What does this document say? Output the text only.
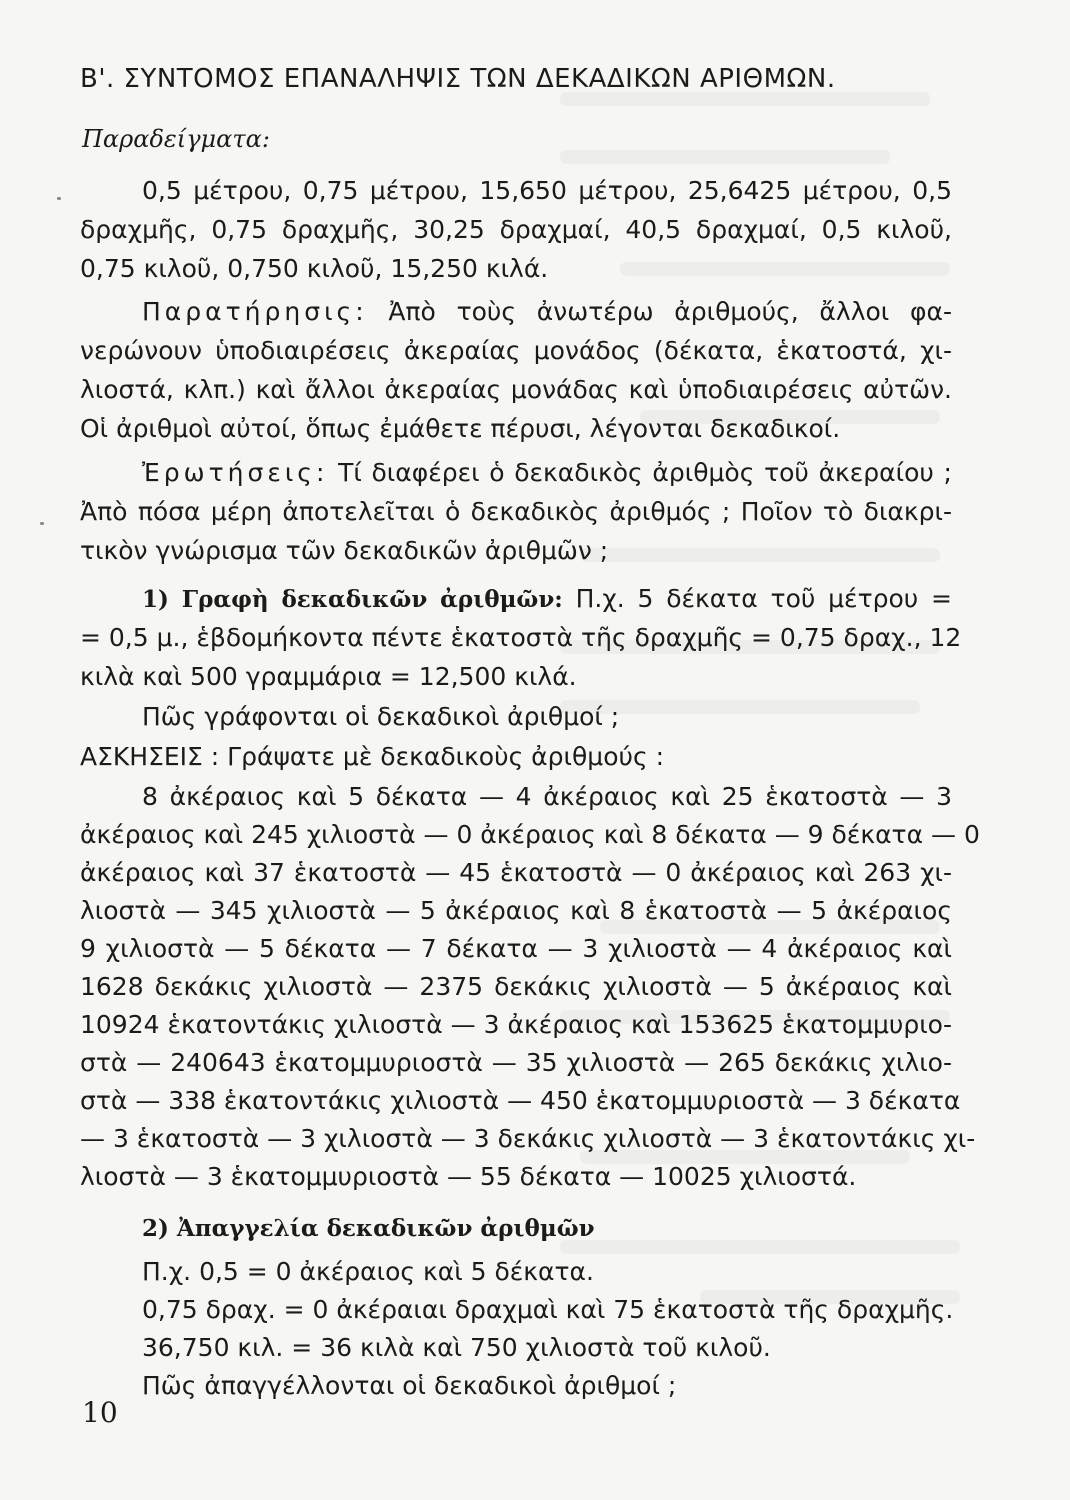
Β'. ΣΥΝΤΟΜΟΣ ΕΠΑΝΑΛΗΨΙΣ ΤΩΝ ΔΕΚΑΔΙΚΩΝ ΑΡΙΘΜΩΝ.
Παραδείγματα:
0,5 μέτρου, 0,75 μέτρου, 15,650 μέτρου, 25,6425 μέτρου, 0,5
δραχμῆς, 0,75 δραχμῆς, 30,25 δραχμαί, 40,5 δραχμαί, 0,5 κιλοῦ,
0,75 κιλοῦ, 0,750 κιλοῦ, 15,250 κιλά.
Παρατήρησις: Ἀπὸ τοὺς ἀνωτέρω ἀριθμούς, ἄλλοι φα-
νερώνουν ὑποδιαιρέσεις ἀκεραίας μονάδος (δέκατα, ἑκατοστά, χι-
λιοστά, κλπ.) καὶ ἄλλοι ἀκεραίας μονάδας καὶ ὑποδιαιρέσεις αὐτῶν.
Οἱ ἀριθμοὶ αὐτοί, ὅπως ἐμάθετε πέρυσι, λέγονται δεκαδικοί.
Ἐρωτήσεις: Τί διαφέρει ὁ δεκαδικὸς ἀριθμὸς τοῦ ἀκεραίου ;
Ἀπὸ πόσα μέρη ἀποτελεῖται ὁ δεκαδικὸς ἀριθμός ; Ποῖον τὸ διακρι-
τικὸν γνώρισμα τῶν δεκαδικῶν ἀριθμῶν ;
1) Γραφὴ δεκαδικῶν ἀριθμῶν: Π.χ. 5 δέκατα τοῦ μέτρου =
= 0,5 μ., ἑβδομήκοντα πέντε ἑκατοστὰ τῆς δραχμῆς = 0,75 δραχ., 12
κιλὰ καὶ 500 γραμμάρια = 12,500 κιλά.
Πῶς γράφονται οἱ δεκαδικοὶ ἀριθμοί ;
ΑΣΚΗΣΕΙΣ : Γράψατε μὲ δεκαδικοὺς ἀριθμούς :
8 ἀκέραιος καὶ 5 δέκατα — 4 ἀκέραιος καὶ 25 ἑκατοστὰ — 3
ἀκέραιος καὶ 245 χιλιοστὰ — 0 ἀκέραιος καὶ 8 δέκατα — 9 δέκατα — 0
ἀκέραιος καὶ 37 ἑκατοστὰ — 45 ἑκατοστὰ — 0 ἀκέραιος καὶ 263 χι-
λιοστὰ — 345 χιλιοστὰ — 5 ἀκέραιος καὶ 8 ἑκατοστὰ — 5 ἀκέραιος
9 χιλιοστὰ — 5 δέκατα — 7 δέκατα — 3 χιλιοστὰ — 4 ἀκέραιος καὶ
1628 δεκάκις χιλιοστὰ — 2375 δεκάκις χιλιοστὰ — 5 ἀκέραιος καὶ
10924 ἑκατοντάκις χιλιοστὰ — 3 ἀκέραιος καὶ 153625 ἑκατομμυριο-
στὰ — 240643 ἑκατομμυριοστὰ — 35 χιλιοστὰ — 265 δεκάκις χιλιο-
στὰ — 338 ἑκατοντάκις χιλιοστὰ — 450 ἑκατομμυριοστὰ — 3 δέκατα
— 3 ἑκατοστὰ — 3 χιλιοστὰ — 3 δεκάκις χιλιοστὰ — 3 ἑκατοντάκις χι-
λιοστὰ — 3 ἑκατομμυριοστὰ — 55 δέκατα — 10025 χιλιοστά.
2) Ἀπαγγελία δεκαδικῶν ἀριθμῶν
Π.χ. 0,5 = 0 ἀκέραιος καὶ 5 δέκατα.
0,75 δραχ. = 0 ἀκέραιαι δραχμαὶ καὶ 75 ἑκατοστὰ τῆς δραχμῆς.
36,750 κιλ. = 36 κιλὰ καὶ 750 χιλιοστὰ τοῦ κιλοῦ.
Πῶς ἀπαγγέλλονται οἱ δεκαδικοὶ ἀριθμοί ;
10
